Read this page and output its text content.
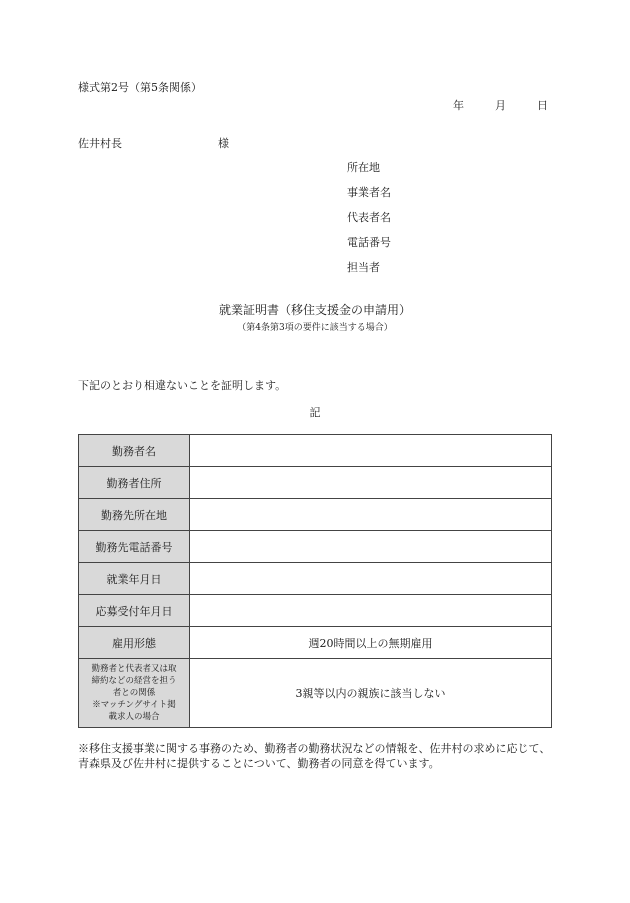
様式第2号（第5条関係）
年	月	日
佐井村長	様
所在地
事業者名
代表者名
電話番号
担当者
就業証明書（移住支援金の申請用）
（第4条第3項の要件に該当する場合）
下記のとおり相違ないことを証明します。
記
勤務者名	
勤務者住所	
勤務先所在地	
勤務先電話番号	
就業年月日	
応募受付年月日	
雇用形態	週20時間以上の無期雇用

勤務者と代表者又は取
締約などの経営を担う
者との関係
※マッチングサイト掲
載求人の場合	3親等以内の親族に該当しない
※移住支援事業に関する事務のため、勤務者の勤務状況などの情報を、佐井村の求めに応じて、青森県及び佐井村に提供することについて、勤務者の同意を得ています。
